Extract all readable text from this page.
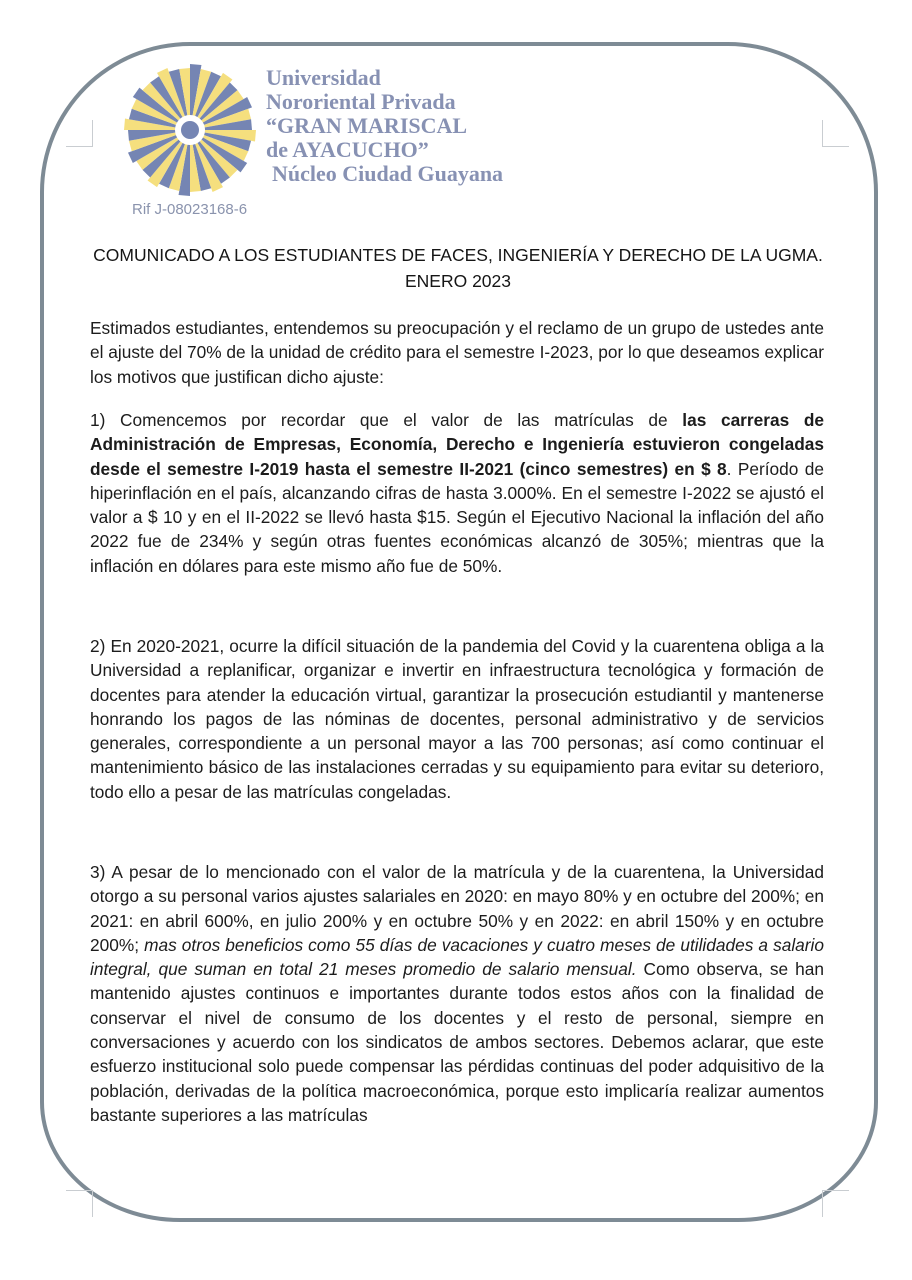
Universidad
Nororiental Privada
“GRAN MARISCAL
de AYACUCHO”
Núcleo Ciudad Guayana
Rif J-08023168-6
COMUNICADO A LOS ESTUDIANTES DE FACES, INGENIERÍA Y DERECHO DE LA UGMA. ENERO 2023
Estimados estudiantes, entendemos su preocupación y el reclamo de un grupo de ustedes ante el ajuste del 70% de la unidad de crédito para el semestre I-2023, por lo que deseamos explicar los motivos que justifican dicho ajuste:
1) Comencemos por recordar que el valor de las matrículas de las carreras de Administración de Empresas, Economía, Derecho e Ingeniería estuvieron congeladas desde el semestre I-2019 hasta el semestre II-2021 (cinco semestres) en $ 8. Período de hiperinflación en el país, alcanzando cifras de hasta 3.000%. En el semestre I-2022 se ajustó el valor a $ 10 y en el II-2022 se llevó hasta $15. Según el Ejecutivo Nacional la inflación del año 2022 fue de 234% y según otras fuentes económicas alcanzó de 305%; mientras que la inflación en dólares para este mismo año fue de 50%.
2) En 2020-2021, ocurre la difícil situación de la pandemia del Covid y la cuarentena obliga a la Universidad a replanificar, organizar e invertir en infraestructura tecnológica y formación de docentes para atender la educación virtual, garantizar la prosecución estudiantil y mantenerse honrando los pagos de las nóminas de docentes, personal administrativo y de servicios generales, correspondiente a un personal mayor a las 700 personas; así como continuar el mantenimiento básico de las instalaciones cerradas y su equipamiento para evitar su deterioro, todo ello a pesar de las matrículas congeladas.
3) A pesar de lo mencionado con el valor de la matrícula y de la cuarentena, la Universidad otorgo a su personal varios ajustes salariales en 2020: en mayo 80% y en octubre del 200%; en 2021: en abril 600%, en julio 200% y en octubre 50% y en 2022: en abril 150% y en octubre 200%; mas otros beneficios como 55 días de vacaciones y cuatro meses de utilidades a salario integral, que suman en total 21 meses promedio de salario mensual. Como observa, se han mantenido ajustes continuos e importantes durante todos estos años con la finalidad de conservar el nivel de consumo de los docentes y el resto de personal, siempre en conversaciones y acuerdo con los sindicatos de ambos sectores. Debemos aclarar, que este esfuerzo institucional solo puede compensar las pérdidas continuas del poder adquisitivo de la población, derivadas de la política macroeconómica, porque esto implicaría realizar aumentos bastante superiores a las matrículas
